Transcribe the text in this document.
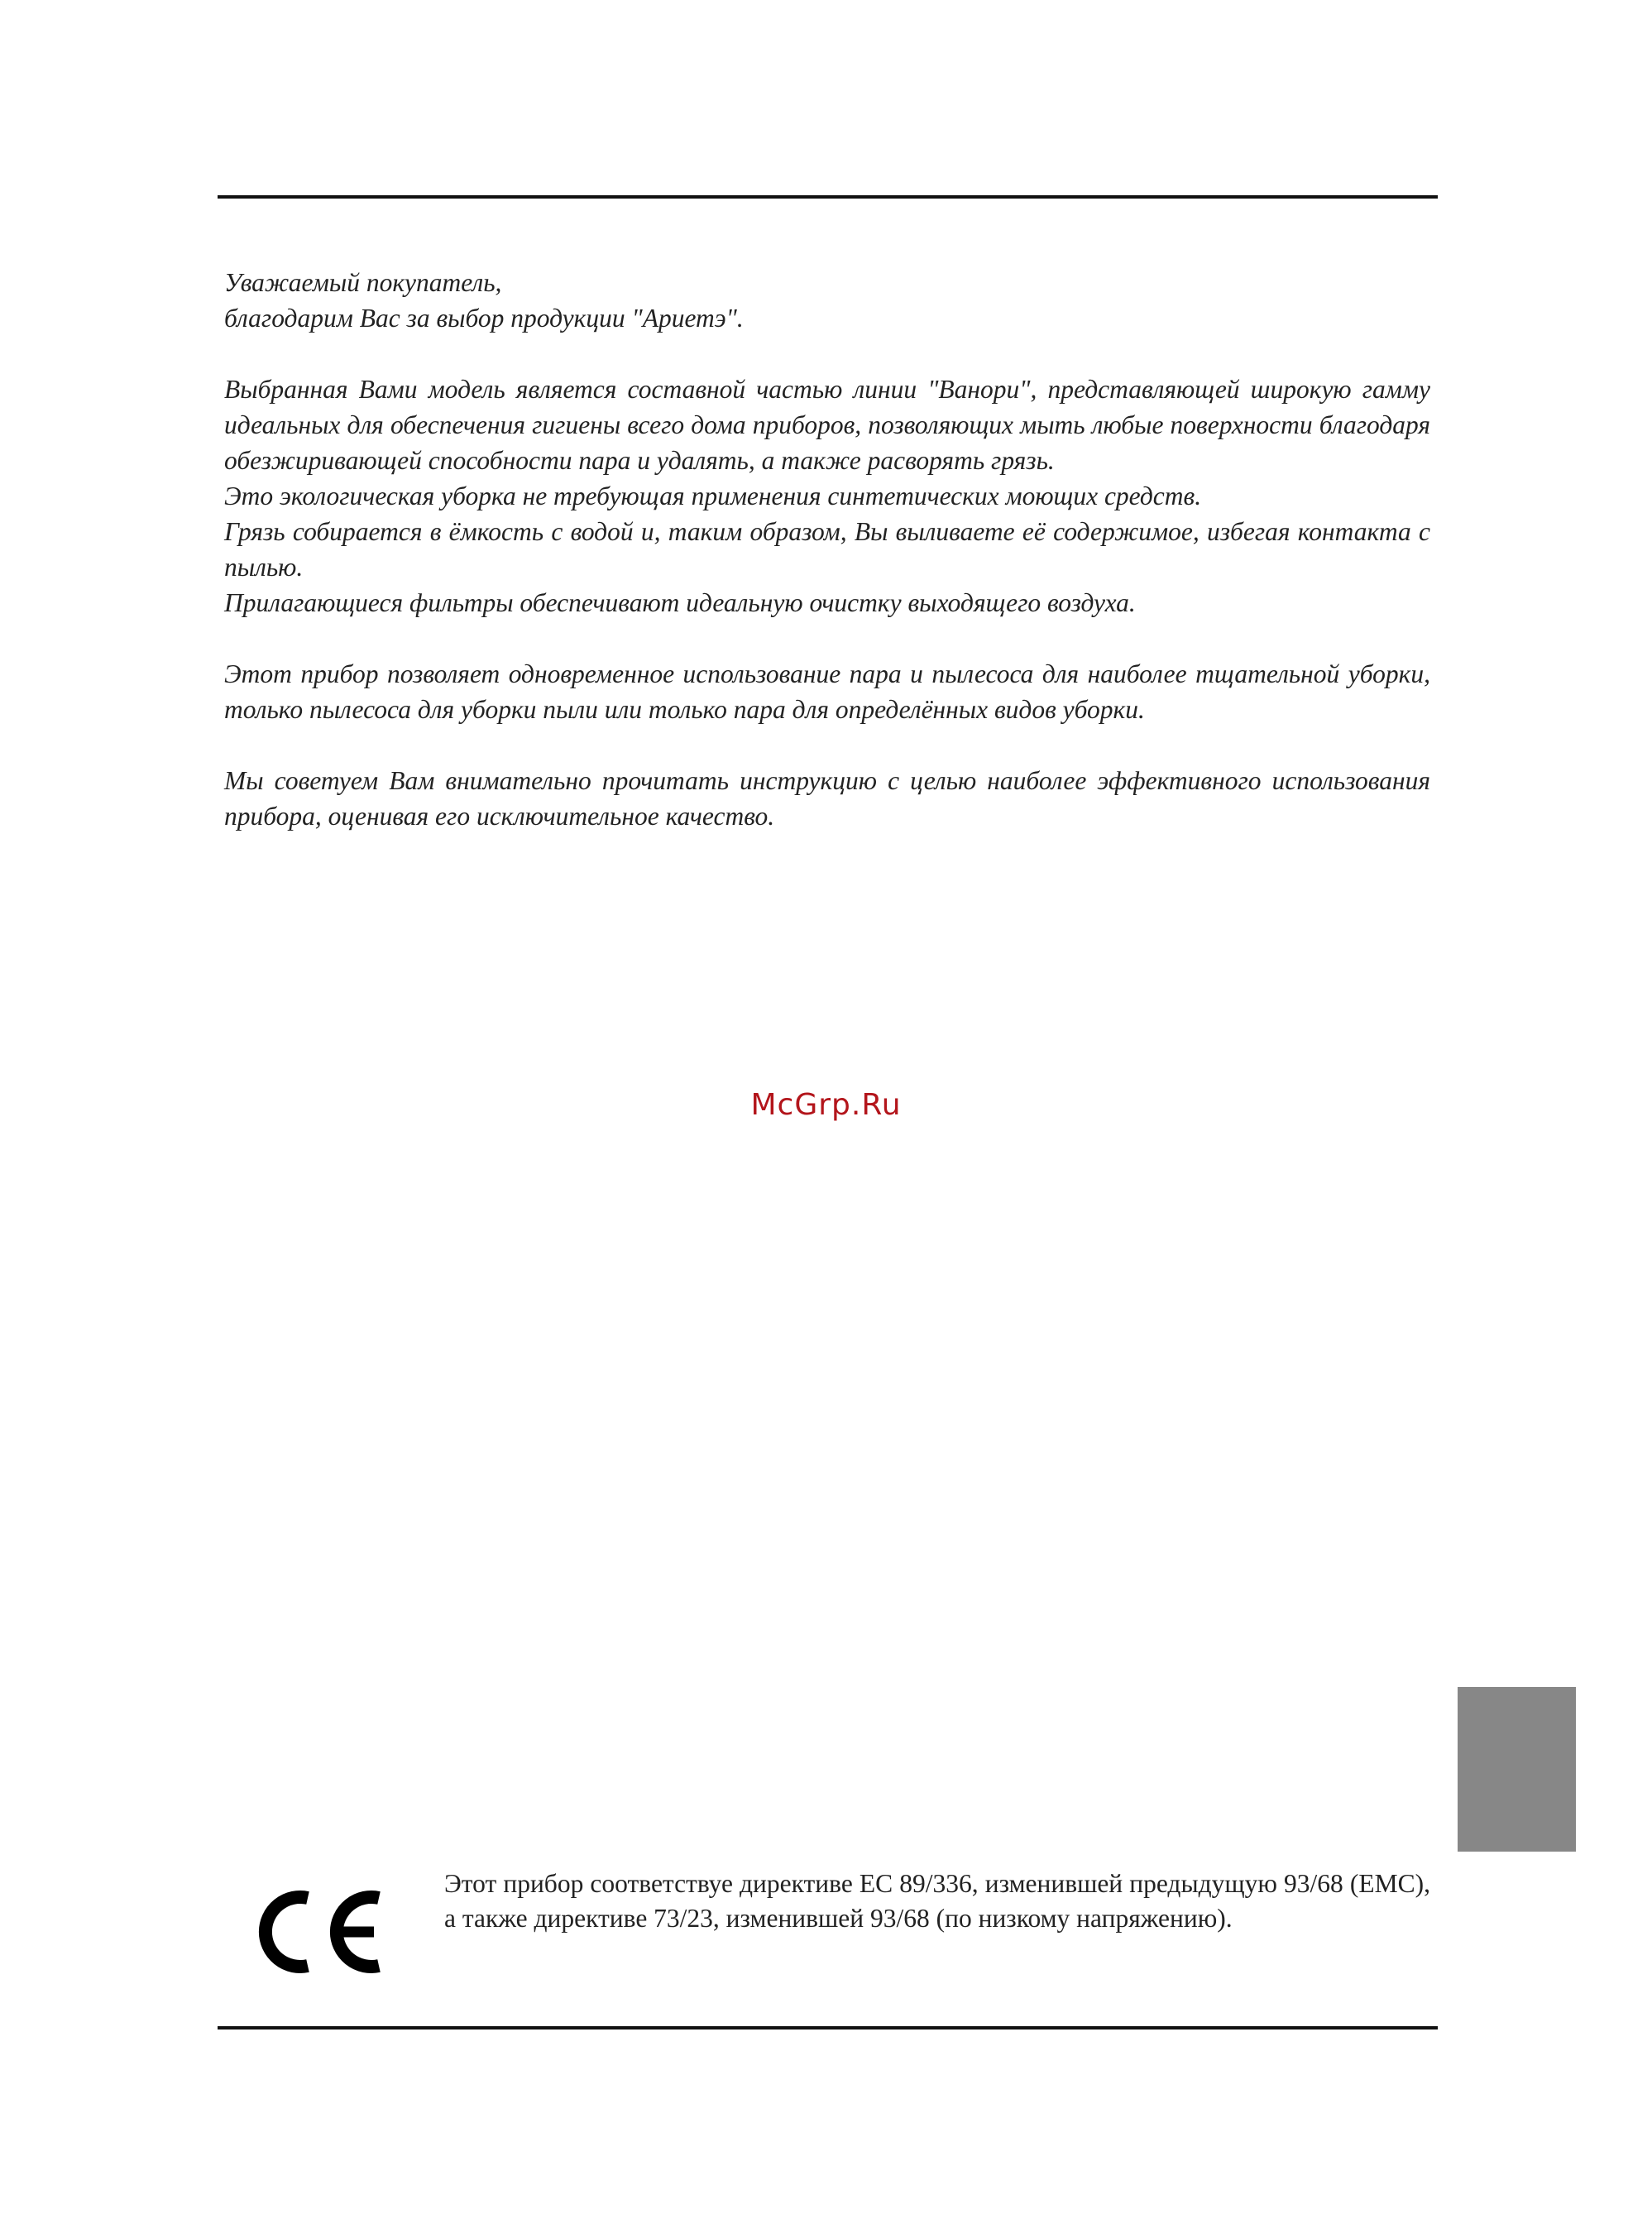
Уважаемый покупатель,

благодарим Вас за выбор продукции "Ариетэ".

Выбранная Вами модель является составной частью линии "Ванори", представляющей широкую гамму идеальных для обеспечения гигиены всего дома приборов, позволяющих мыть любые поверхности благодаря обезжиривающей способности пара и удалять, а также расворять грязь.

Это экологическая уборка не требующая применения синтетических моющих средств.

Грязь собирается в ёмкость с водой и, таким образом, Вы выливаете её содержимое, избегая контакта с пылью.

Прилагающиеся фильтры обеспечивают идеальную очистку выходящего воздуха.

Этот прибор позволяет одновременное использование пара и пылесоса для наиболее тщательной уборки, только пылесоса для уборки пыли или только пара для определённых видов уборки.

Мы советуем Вам внимательно прочитать инструкцию с целью наиболее эффективного использования прибора, оценивая его исключительное качество.

McGrp.Ru

Этот прибор соответствуе директиве ЕС 89/336, изменившей предыдущую 93/68 (ЕМС), а также директиве 73/23, изменившей 93/68 (по низкому напряжению).
